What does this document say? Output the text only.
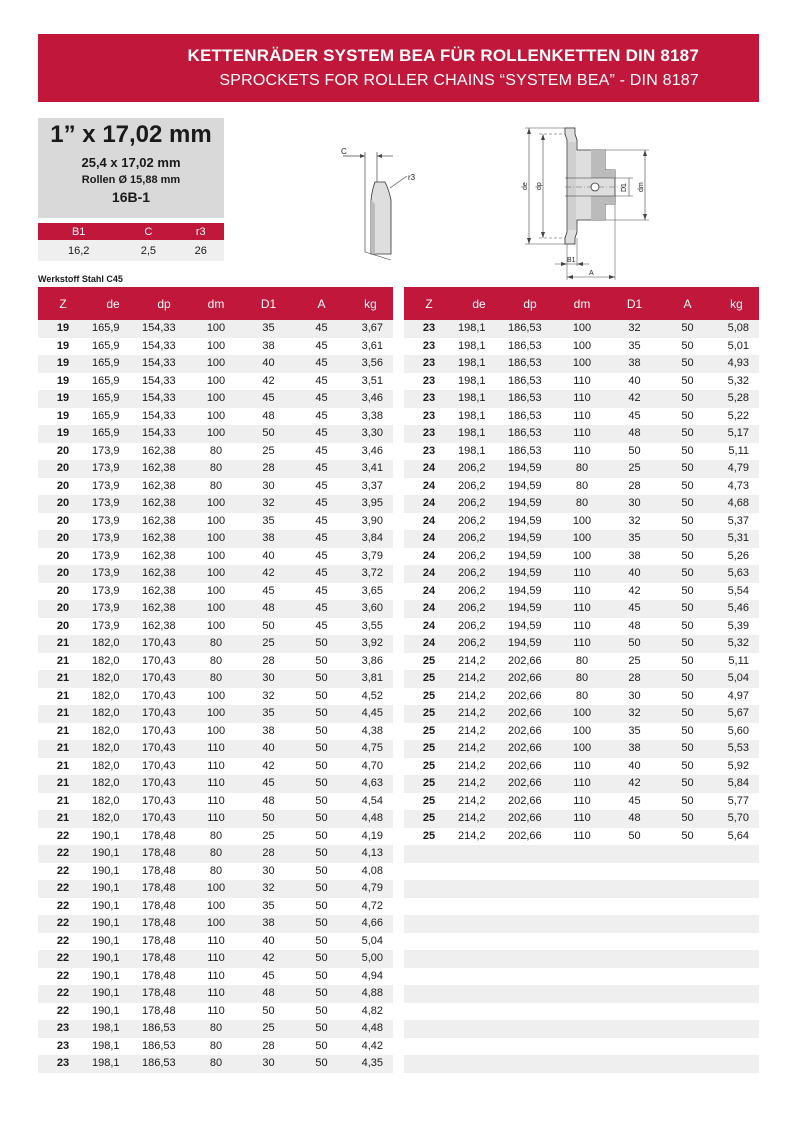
KETTENRÄDER SYSTEM BEA FÜR ROLLENKETTEN DIN 8187
SPROCKETS FOR ROLLER CHAINS “SYSTEM BEA” - DIN 8187
1” x 17,02 mm
25,4 x 17,02 mm
Rollen Ø 15,88 mm
16B-1
B1	C	r3
16,2	2,5	26
Werkstoff Stahl C45
C
r3
de dp	D1 dm
B1
A
Z	de	dp	dm	D1	A	kg
19	165,9	154,33	100	35	45	3,67
19	165,9	154,33	100	38	45	3,61
19	165,9	154,33	100	40	45	3,56
19	165,9	154,33	100	42	45	3,51
19	165,9	154,33	100	45	45	3,46
19	165,9	154,33	100	48	45	3,38
19	165,9	154,33	100	50	45	3,30
20	173,9	162,38	80	25	45	3,46
20	173,9	162,38	80	28	45	3,41
20	173,9	162,38	80	30	45	3,37
20	173,9	162,38	100	32	45	3,95
20	173,9	162,38	100	35	45	3,90
20	173,9	162,38	100	38	45	3,84
20	173,9	162,38	100	40	45	3,79
20	173,9	162,38	100	42	45	3,72
20	173,9	162,38	100	45	45	3,65
20	173,9	162,38	100	48	45	3,60
20	173,9	162,38	100	50	45	3,55
21	182,0	170,43	80	25	50	3,92
21	182,0	170,43	80	28	50	3,86
21	182,0	170,43	80	30	50	3,81
21	182,0	170,43	100	32	50	4,52
21	182,0	170,43	100	35	50	4,45
21	182,0	170,43	100	38	50	4,38
21	182,0	170,43	110	40	50	4,75
21	182,0	170,43	110	42	50	4,70
21	182,0	170,43	110	45	50	4,63
21	182,0	170,43	110	48	50	4,54
21	182,0	170,43	110	50	50	4,48
22	190,1	178,48	80	25	50	4,19
22	190,1	178,48	80	28	50	4,13
22	190,1	178,48	80	30	50	4,08
22	190,1	178,48	100	32	50	4,79
22	190,1	178,48	100	35	50	4,72
22	190,1	178,48	100	38	50	4,66
22	190,1	178,48	110	40	50	5,04
22	190,1	178,48	110	42	50	5,00
22	190,1	178,48	110	45	50	4,94
22	190,1	178,48	110	48	50	4,88
22	190,1	178,48	110	50	50	4,82
23	198,1	186,53	80	25	50	4,48
23	198,1	186,53	80	28	50	4,42
23	198,1	186,53	80	30	50	4,35
Z	de	dp	dm	D1	A	kg
23	198,1	186,53	100	32	50	5,08
23	198,1	186,53	100	35	50	5,01
23	198,1	186,53	100	38	50	4,93
23	198,1	186,53	110	40	50	5,32
23	198,1	186,53	110	42	50	5,28
23	198,1	186,53	110	45	50	5,22
23	198,1	186,53	110	48	50	5,17
23	198,1	186,53	110	50	50	5,11
24	206,2	194,59	80	25	50	4,79
24	206,2	194,59	80	28	50	4,73
24	206,2	194,59	80	30	50	4,68
24	206,2	194,59	100	32	50	5,37
24	206,2	194,59	100	35	50	5,31
24	206,2	194,59	100	38	50	5,26
24	206,2	194,59	110	40	50	5,63
24	206,2	194,59	110	42	50	5,54
24	206,2	194,59	110	45	50	5,46
24	206,2	194,59	110	48	50	5,39
24	206,2	194,59	110	50	50	5,32
25	214,2	202,66	80	25	50	5,11
25	214,2	202,66	80	28	50	5,04
25	214,2	202,66	80	30	50	4,97
25	214,2	202,66	100	32	50	5,67
25	214,2	202,66	100	35	50	5,60
25	214,2	202,66	100	38	50	5,53
25	214,2	202,66	110	40	50	5,92
25	214,2	202,66	110	42	50	5,84
25	214,2	202,66	110	45	50	5,77
25	214,2	202,66	110	48	50	5,70
25	214,2	202,66	110	50	50	5,64
